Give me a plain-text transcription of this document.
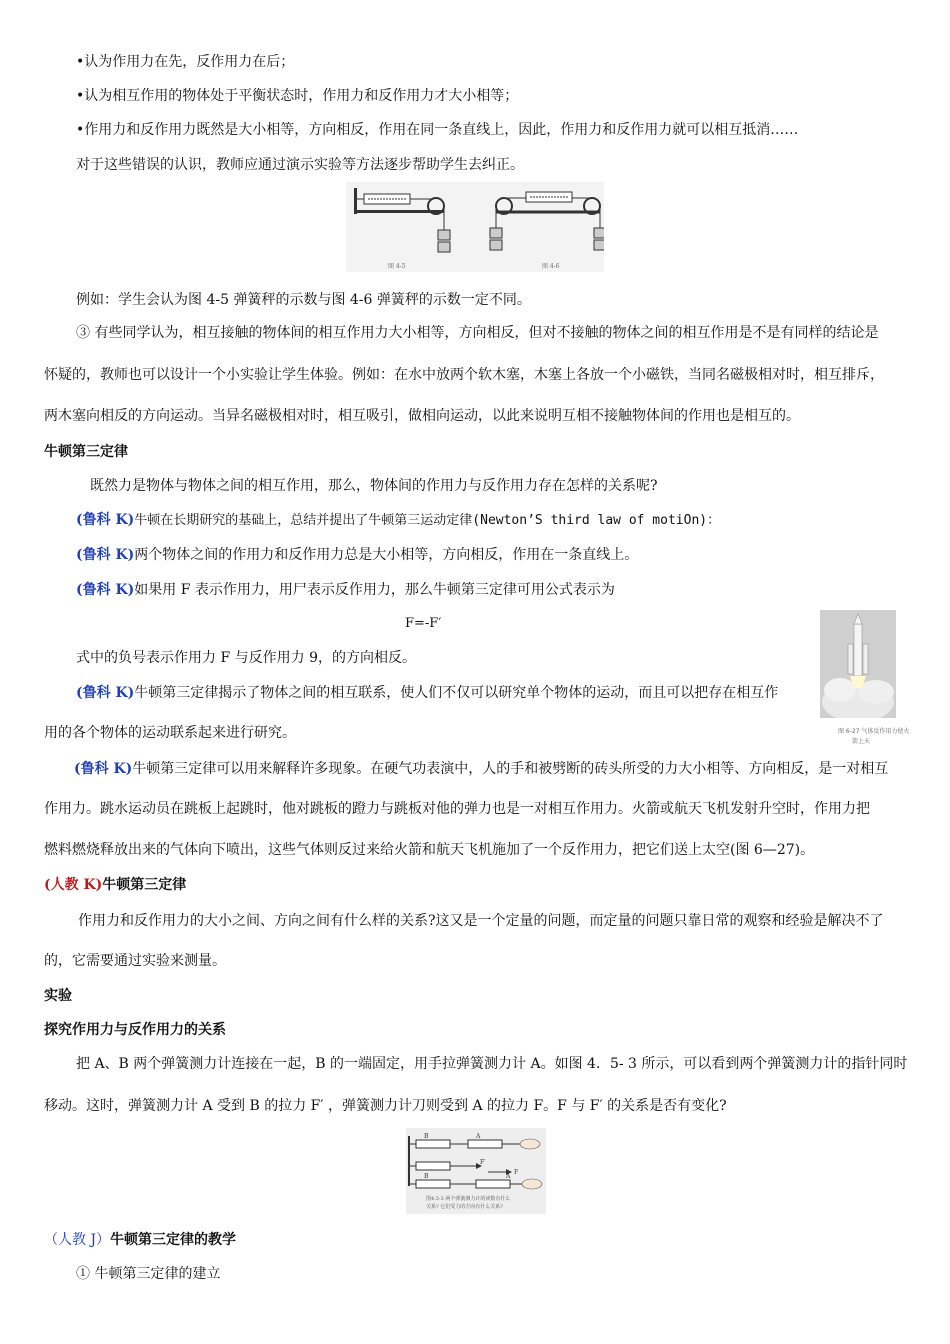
•认为作用力在先，反作用力在后；
•认为相互作用的物体处于平衡状态时，作用力和反作用力才大小相等；
•作用力和反作用力既然是大小相等，方向相反，作用在同一条直线上，因此，作用力和反作用力就可以相互抵消……
对于这些错误的认识，教师应通过演示实验等方法逐步帮助学生去纠正。
图 4-5	图 4-6
例如：学生会认为图 4-5 弹簧秤的示数与图 4-6 弹簧秤的示数一定不同。
③ 有些同学认为，相互接触的物体间的相互作用力大小相等，方向相反，但对不接触的物体之间的相互作用是不是有同样的结论是
怀疑的，教师也可以设计一个小实验让学生体验。例如：在水中放两个软木塞，木塞上各放一个小磁铁，当同名磁极相对时，相互排斥，
两木塞向相反的方向运动。当异名磁极相对时，相互吸引，做相向运动，以此来说明互相不接触物体间的作用也是相互的。
牛顿第三定律
既然力是物体与物体之间的相互作用，那么，物体间的作用力与反作用力存在怎样的关系呢?
(鲁科 K)牛顿在长期研究的基础上，总结并提出了牛顿第三运动定律(Newton’S third law of motiOn)：
(鲁科 K)两个物体之间的作用力和反作用力总是大小相等，方向相反，作用在一条直线上。
(鲁科 K)如果用 F 表示作用力，用尸表示反作用力，那么牛顿第三定律可用公式表示为
F=-F′
式中的负号表示作用力 F 与反作用力 9，的方向相反。
图 6-27 气体反作用力使火
箭上天
(鲁科 K)牛顿第三定律揭示了物体之间的相互联系，使人们不仅可以研究单个物体的运动，而且可以把存在相互作
用的各个物体的运动联系起来进行研究。
(鲁科 K)牛顿第三定律可以用来解释许多现象。在硬气功表演中，人的手和被劈断的砖头所受的力大小相等、方向相反，是一对相互
作用力。跳水运动员在跳板上起跳时，他对跳板的蹬力与跳板对他的弹力也是一对相互作用力。火箭或航天飞机发射升空时，作用力把
燃料燃烧释放出来的气体向下喷出，这些气体则反过来给火箭和航天飞机施加了一个反作用力，把它们送上太空(图 6—27)。
(人教 K)牛顿第三定律
作用力和反作用力的大小之间、方向之间有什么样的关系?这又是一个定量的问题，而定量的问题只靠日常的观察和经验是解决不了
的，它需要通过实验来测量。
实验
探究作用力与反作用力的关系
把 A、B 两个弹簧测力计连接在一起，B 的一端固定，用手拉弹簧测力计 A。如图 4．5- 3 所示，可以看到两个弹簧测力计的指针同时
移动。这时，弹簧测力计 A 受到 B 的拉力 F′ ，弹簧测力计刀则受到 A 的拉力 F。F 与 F′ 的关系是否有变化?
B	A
F′
F
B	A
图4.5-3 两个弹簧测力计的读数有什么
关系? 它们受力的方向有什么关系?
（人教 J）牛顿第三定律的教学
① 牛顿第三定律的建立
